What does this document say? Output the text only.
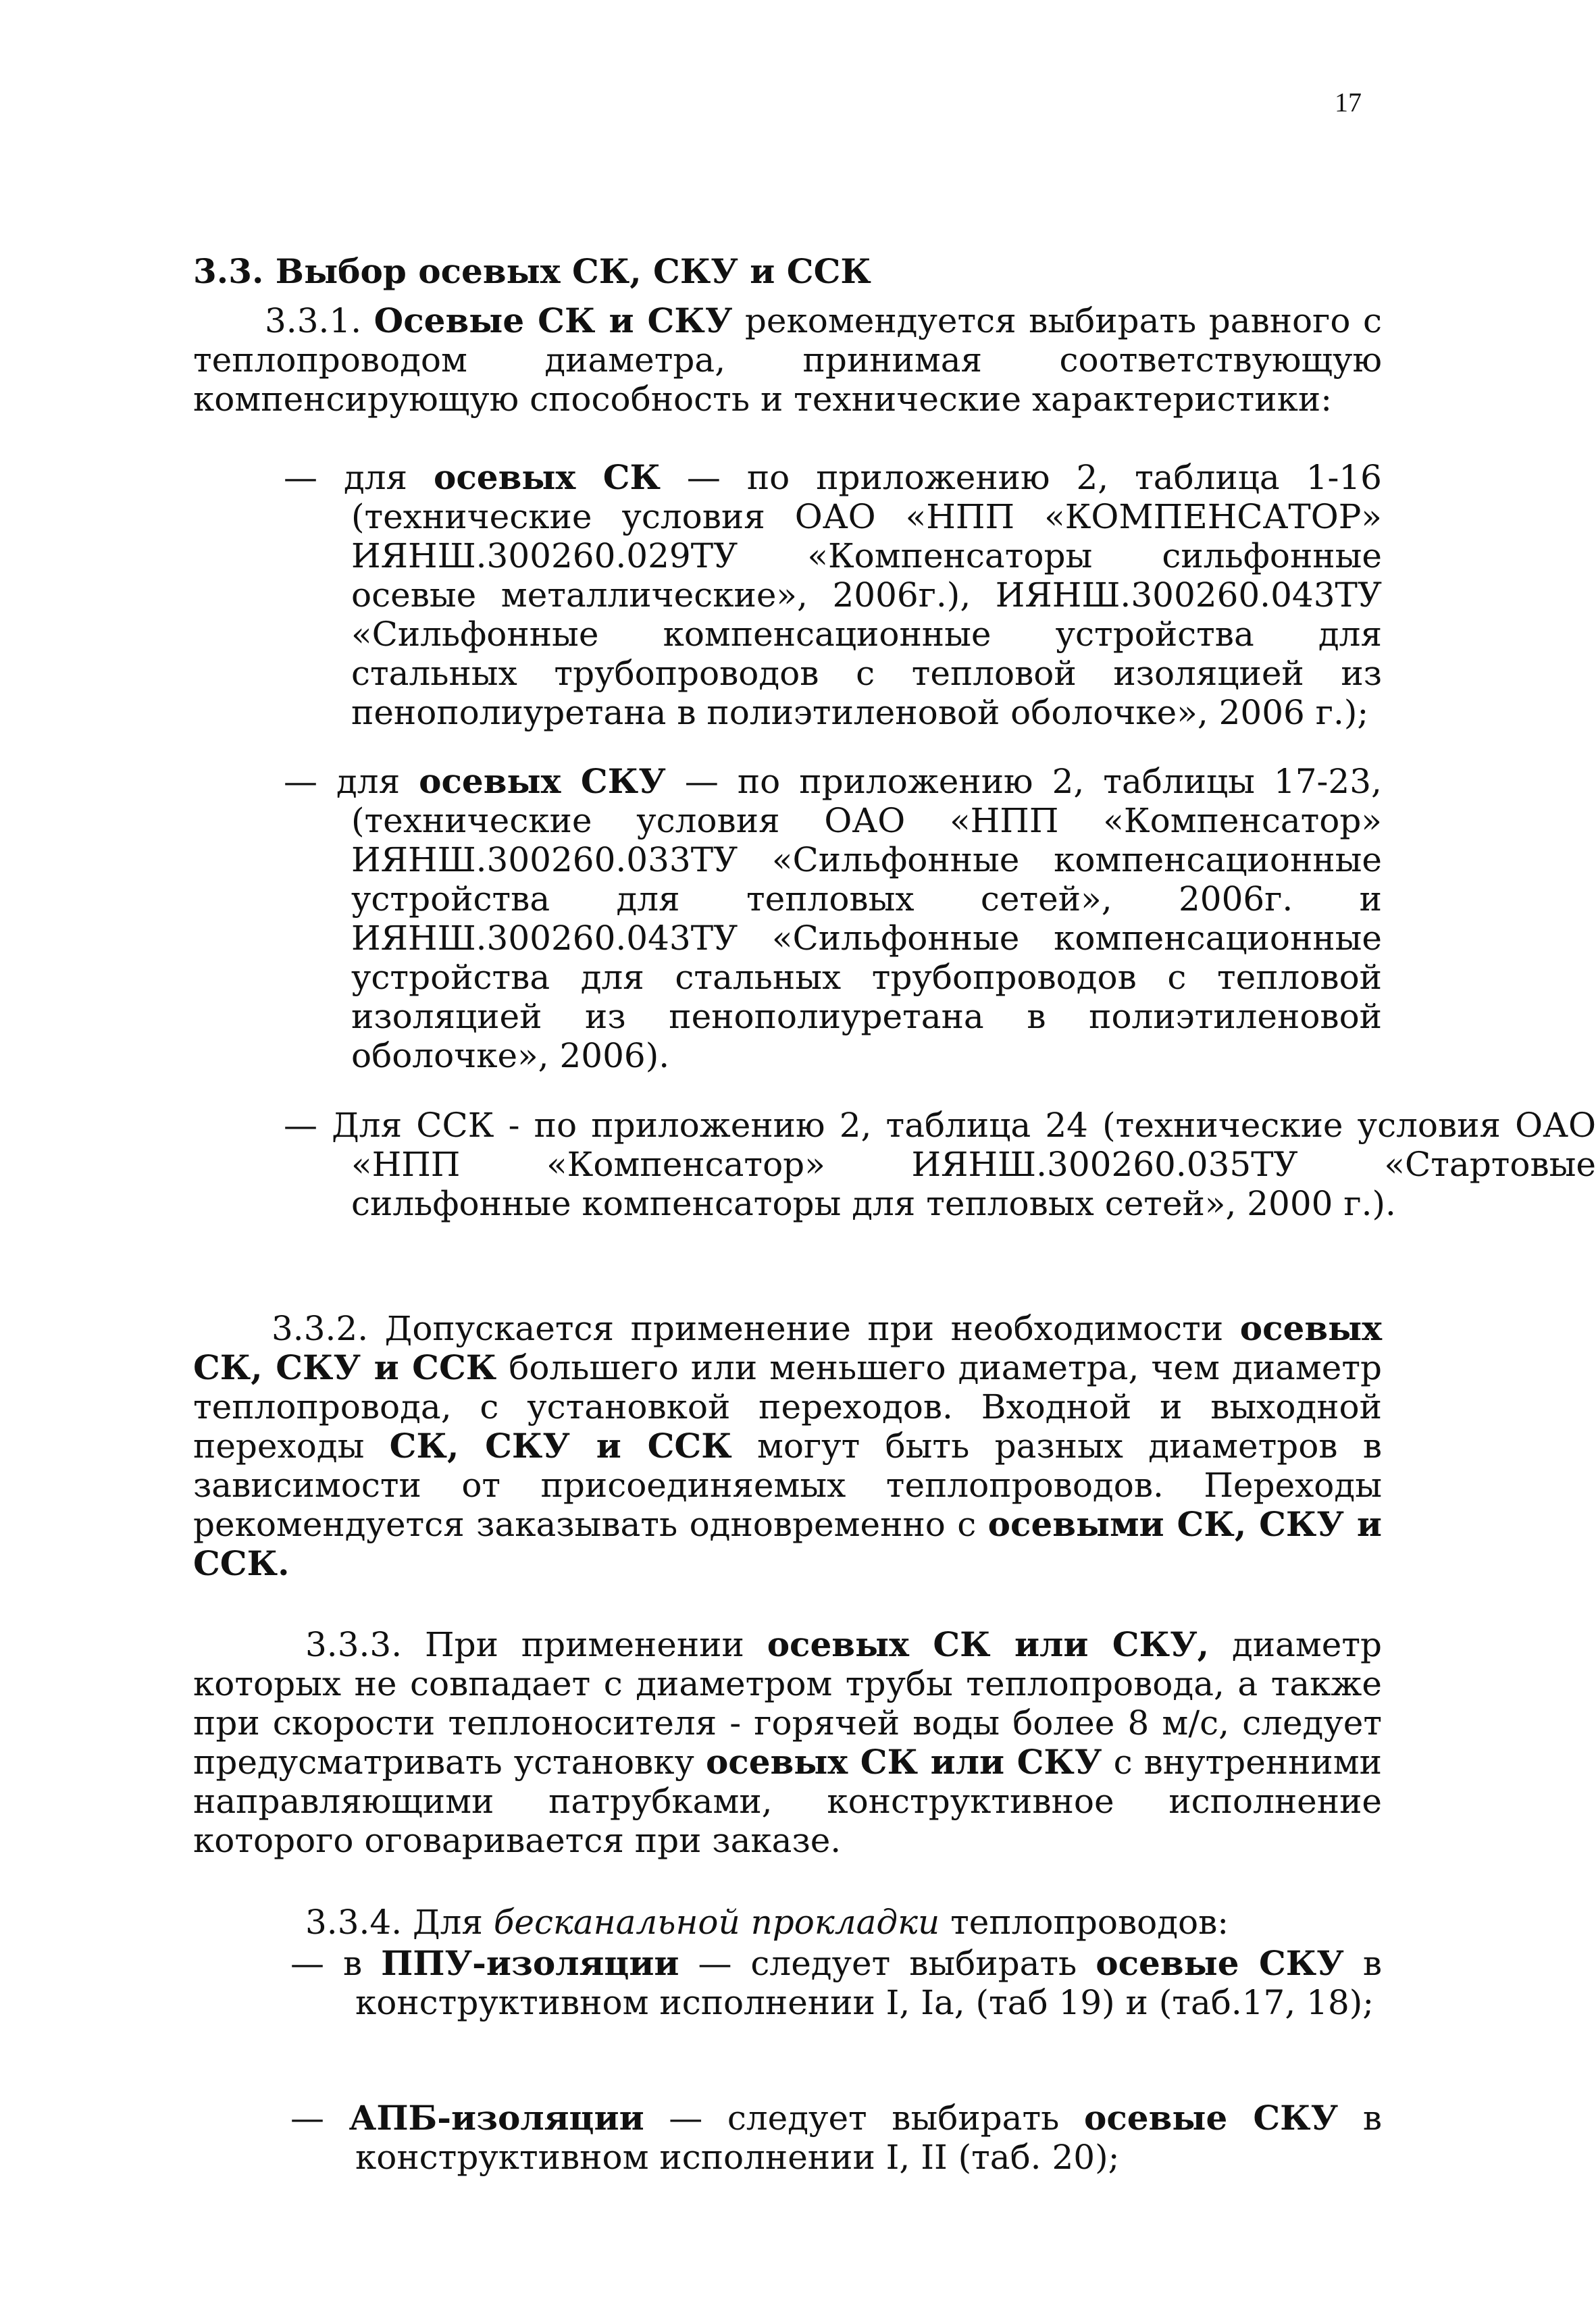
17
3.3. Выбор осевых СК, СКУ и ССК

3.3.1. Осевые СК и СКУ рекомендуется выбирать равного с теплопроводом диаметра, принимая соответствующую компенсирующую способность и технические характеристики:

— для осевых СК — по приложению 2, таблица 1-16 (технические условия ОАО «НПП «КОМПЕНСАТОР» ИЯНШ.300260.029ТУ «Компенсаторы сильфонные осевые металлические», 2006г.), ИЯНШ.300260.043ТУ «Сильфонные компенсационные устройства для стальных трубопроводов с тепловой изоляцией из пенополиуретана в полиэтиленовой оболочке», 2006 г.);

— для осевых СКУ — по приложению 2, таблицы 17-23, (технические условия ОАО «НПП «Компенсатор» ИЯНШ.300260.033ТУ «Сильфонные компенсационные устройства для тепловых сетей», 2006г. и ИЯНШ.300260.043ТУ «Сильфонные компенсационные устройства для стальных трубопроводов с тепловой изоляцией из пенополиуретана в полиэтиленовой оболочке», 2006).

— Для ССК - по приложению 2, таблица 24 (технические условия ОАО «НПП «Компенсатор» ИЯНШ.300260.035ТУ «Стартовые сильфонные компенсаторы для тепловых сетей», 2000 г.).

3.3.2. Допускается применение при необходимости осевых СК, СКУ и ССК большего или меньшего диаметра, чем диаметр теплопровода, с установкой переходов. Входной и выходной переходы СК, СКУ и ССК могут быть разных диаметров в зависимости от присоединяемых теплопроводов. Переходы рекомендуется заказывать одновременно с осевыми СК, СКУ и ССК.

3.3.3. При применении осевых СК или СКУ, диаметр которых не совпадает с диаметром трубы теплопровода, а также при скорости теплоносителя - горячей воды более 8 м/с, следует предусматривать установку осевых СК или СКУ с внутренними направляющими патрубками, конструктивное исполнение которого оговаривается при заказе.

3.3.4. Для бесканальной прокладки теплопроводов:

— в ППУ-изоляции — следует выбирать осевые СКУ в конструктивном исполнении I, Ia, (таб 19) и (таб.17, 18);

— АПБ-изоляции — следует выбирать осевые СКУ в конструктивном исполнении I, II (таб. 20);
